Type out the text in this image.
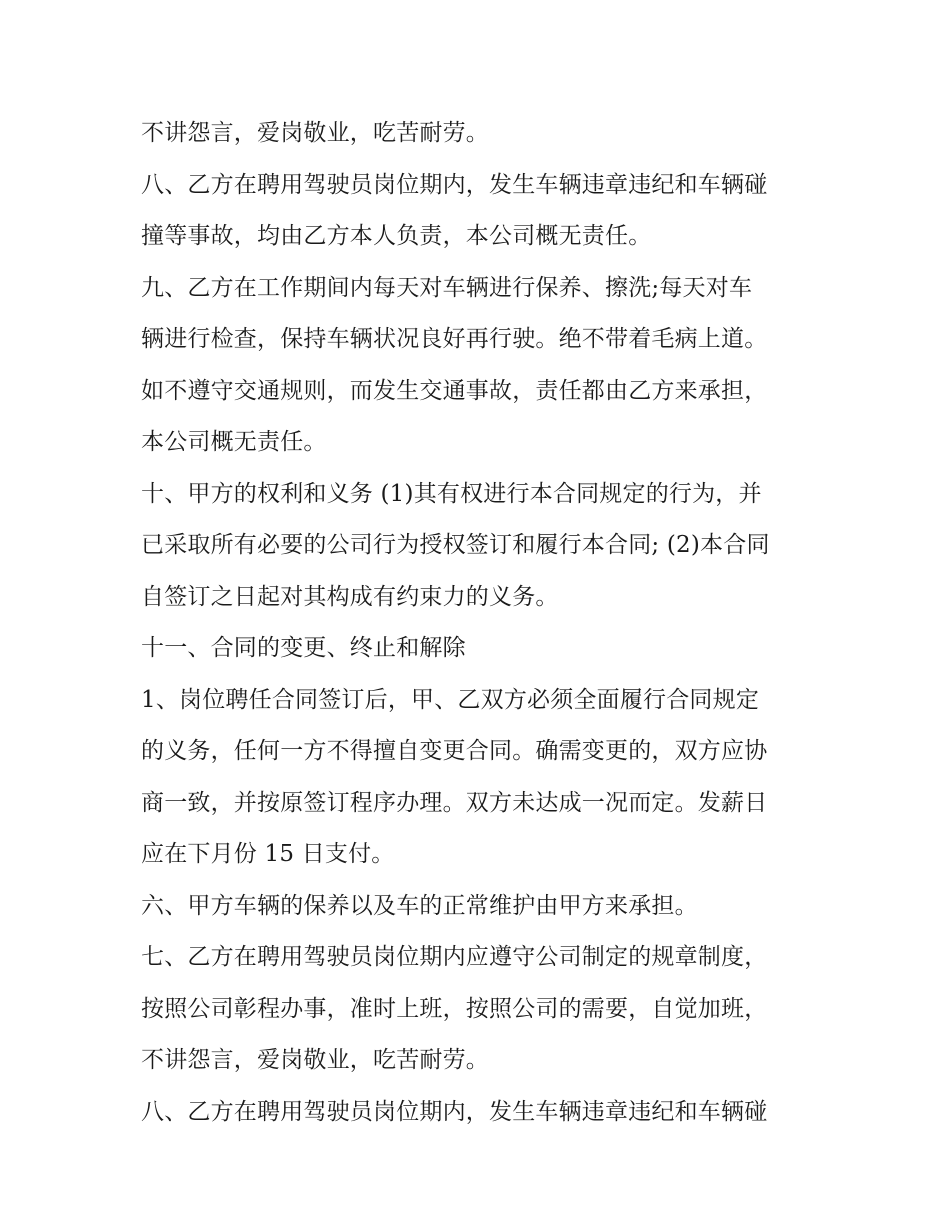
不讲怨言，爱岗敬业，吃苦耐劳。
八、乙方在聘用驾驶员岗位期内，发生车辆违章违纪和车辆碰
撞等事故，均由乙方本人负责，本公司概无责任。
九、乙方在工作期间内每天对车辆进行保养、擦洗;每天对车
辆进行检查，保持车辆状况良好再行驶。绝不带着毛病上道。
如不遵守交通规则，而发生交通事故，责任都由乙方来承担，
本公司概无责任。
十、甲方的权利和义务 (1)其有权进行本合同规定的行为，并
已采取所有必要的公司行为授权签订和履行本合同; (2)本合同
自签订之日起对其构成有约束力的义务。
十一、合同的变更、终止和解除
1、岗位聘任合同签订后，甲、乙双方必须全面履行合同规定
的义务，任何一方不得擅自变更合同。确需变更的，双方应协
商一致，并按原签订程序办理。双方未达成一况而定。发薪日
应在下月份 15 日支付。
六、甲方车辆的保养以及车的正常维护由甲方来承担。
七、乙方在聘用驾驶员岗位期内应遵守公司制定的规章制度，
按照公司彰程办事，准时上班，按照公司的需要，自觉加班，
不讲怨言，爱岗敬业，吃苦耐劳。
八、乙方在聘用驾驶员岗位期内，发生车辆违章违纪和车辆碰
